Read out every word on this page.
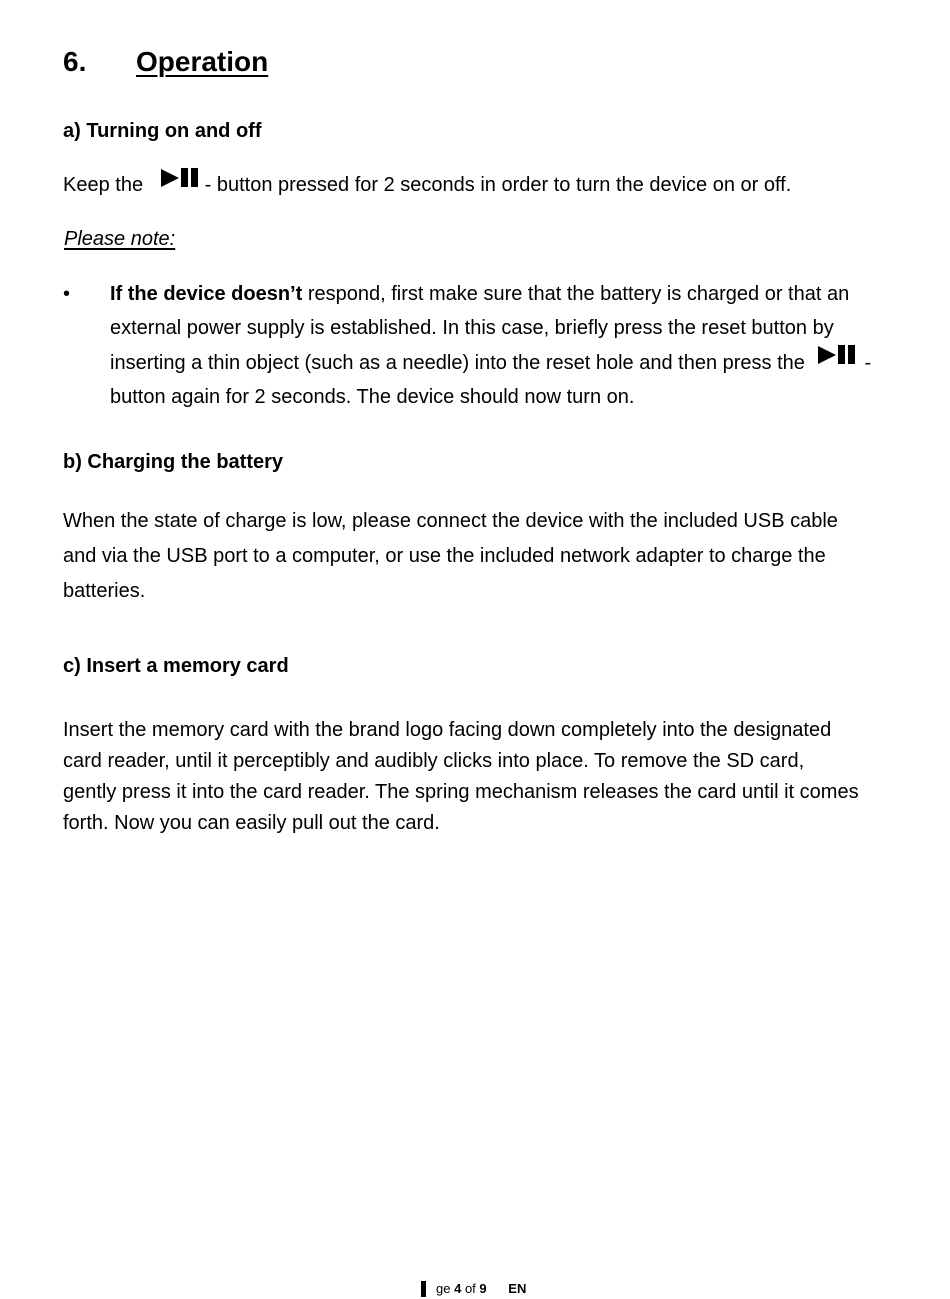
6. Operation
a) Turning on and off
Keep the	- button pressed for 2 seconds in order to turn the device on or off.
Please note:
• If the device doesn’t respond, first make sure that the battery is charged or that an
external power supply is established. In this case, briefly press the reset button by
inserting a thin object (such as a needle) into the reset hole and then press the	-
button again for 2 seconds. The device should now turn on.
b) Charging the battery
When the state of charge is low, please connect the device with the included USB cable
and via the USB port to a computer, or use the included network adapter to charge the
batteries.
c) Insert a memory card
Insert the memory card with the brand logo facing down completely into the designated
card reader, until it perceptibly and audibly clicks into place. To remove the SD card,
gently press it into the card reader. The spring mechanism releases the card until it comes
forth. Now you can easily pull out the card.
ge 4 of 9 EN
